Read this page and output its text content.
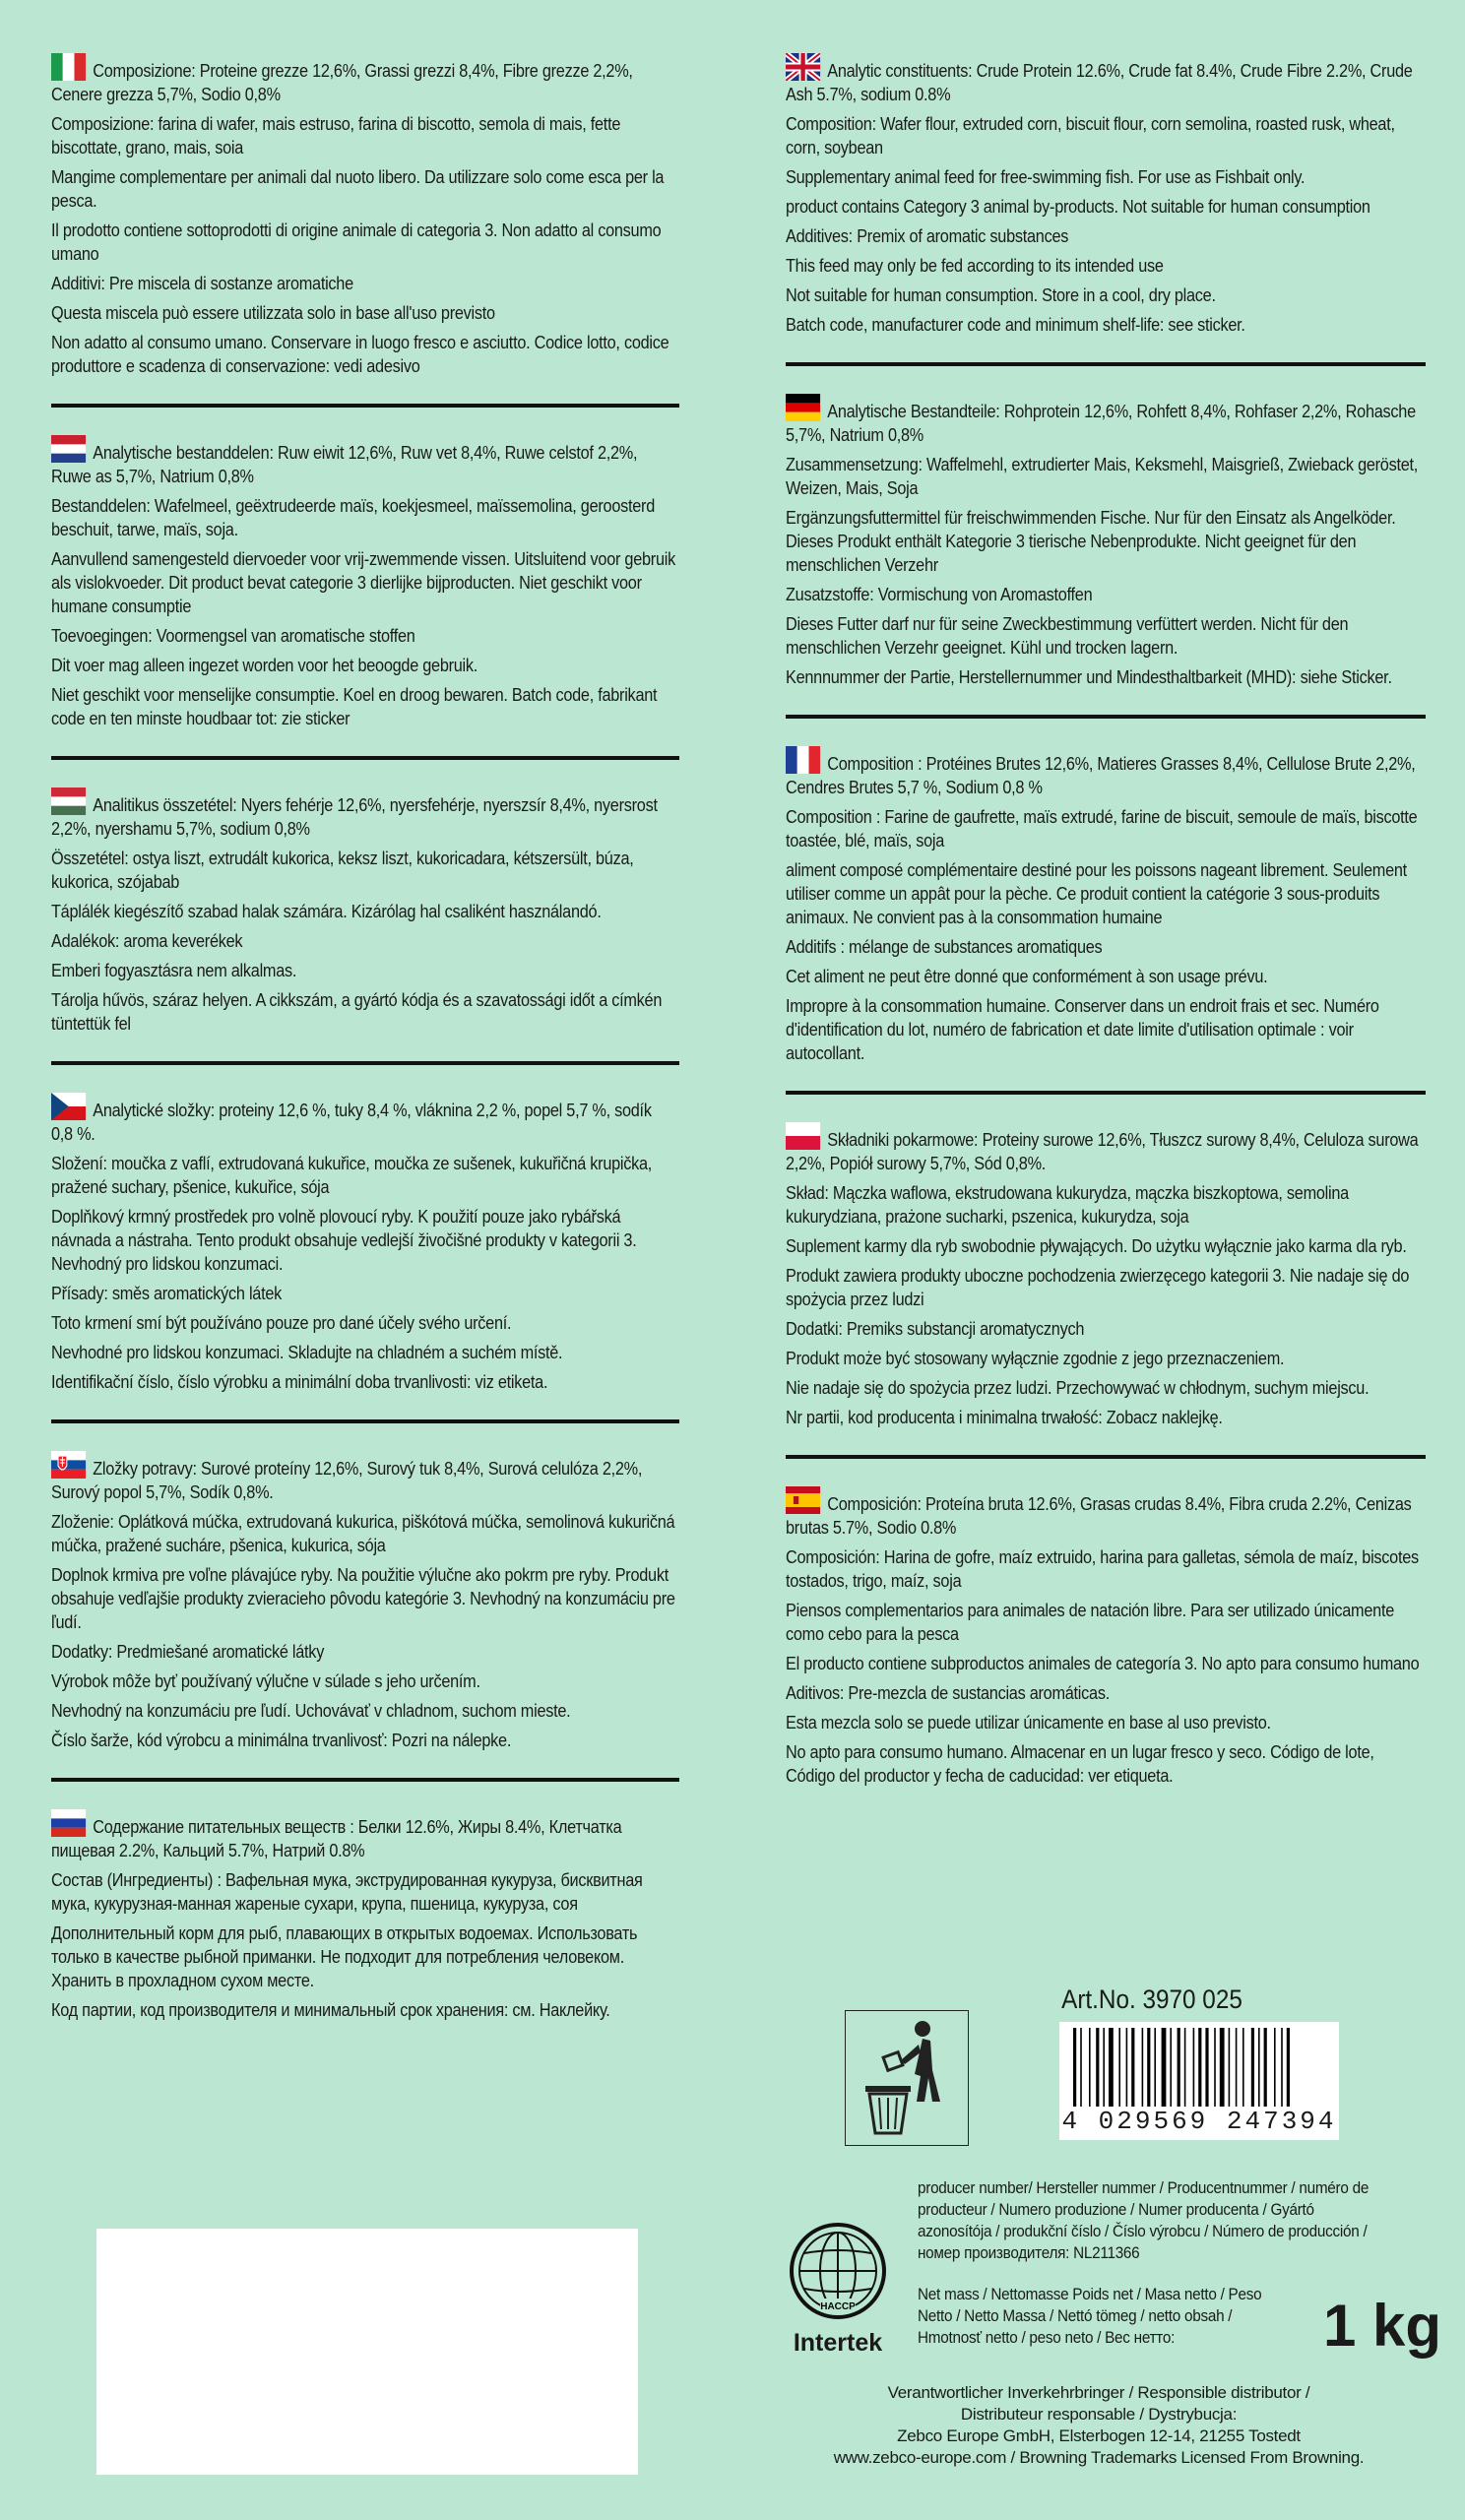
Composizione: Proteine grezze 12,6%, Grassi grezzi 8,4%, Fibre grezze 2,2%, Cenere grezza 5,7%, Sodio 0,8%
Composizione: farina di wafer, mais estruso, farina di biscotto, semola di mais, fette biscottate, grano, mais, soia
Mangime complementare per animali dal nuoto libero. Da utilizzare solo come esca per la pesca.
Il prodotto contiene sottoprodotti di origine animale di categoria 3. Non adatto al consumo umano
Additivi: Pre miscela di sostanze aromatiche
Questa miscela può essere utilizzata solo in base all'uso previsto
Non adatto al consumo umano. Conservare in luogo fresco e asciutto. Codice lotto, codice produttore e scadenza di conservazione: vedi adesivo
Analytische bestanddelen: Ruw eiwit 12,6%, Ruw vet 8,4%, Ruwe celstof 2,2%, Ruwe as 5,7%, Natrium 0,8%
Bestanddelen: Wafelmeel, geëxtrudeerde maïs, koekjesmeel, maïssemolina, geroosterd beschuit, tarwe, maïs, soja.
Aanvullend samengesteld diervoeder voor vrij-zwemmende vissen. Uitsluitend voor gebruik als vislokvoeder. Dit product bevat categorie 3 dierlijke bijproducten. Niet geschikt voor humane consumptie
Toevoegingen: Voormengsel van aromatische stoffen
Dit voer mag alleen ingezet worden voor het beoogde gebruik.
Niet geschikt voor menselijke consumptie. Koel en droog bewaren. Batch code, fabrikant code en ten minste houdbaar tot: zie sticker
Analitikus összetétel: Nyers fehérje 12,6%, nyersfehérje, nyerszsír 8,4%, nyersrost 2,2%, nyershamu 5,7%, sodium 0,8%
Összetétel: ostya liszt, extrudált kukorica, keksz liszt, kukoricadara, kétszersült, búza, kukorica, szójabab
Táplálék kiegészítő szabad halak számára. Kizárólag hal csaliként használandó.
Adalékok: aroma keverékek
Emberi fogyasztásra nem alkalmas.
Tárolja hűvös, száraz helyen. A cikkszám, a gyártó kódja és a szavatossági időt a címkén tüntettük fel
Analytické složky: proteiny 12,6 %, tuky 8,4 %, vláknina 2,2 %, popel 5,7 %, sodík 0,8 %.
Složení: moučka z vaflí, extrudovaná kukuřice, moučka ze sušenek, kukuřičná krupička, pražené suchary, pšenice, kukuřice, sója
Doplňkový krmný prostředek pro volně plovoucí ryby. K použití pouze jako rybářská návnada a nástraha. Tento produkt obsahuje vedlejší živočišné produkty v kategorii 3. Nevhodný pro lidskou konzumaci.
Přísady: směs aromatických látek
Toto krmení smí být používáno pouze pro dané účely svého určení.
Nevhodné pro lidskou konzumaci. Skladujte na chladném a suchém místě.
Identifikační číslo, číslo výrobku a minimální doba trvanlivosti: viz etiketa.
Zložky potravy: Surové proteíny 12,6%, Surový tuk 8,4%, Surová celulóza 2,2%, Surový popol 5,7%, Sodík 0,8%.
Zloženie: Oplátková múčka, extrudovaná kukurica, piškótová múčka, semolinová kukuričná múčka, pražené sucháre, pšenica, kukurica, sója
Doplnok krmiva pre voľne plávajúce ryby. Na použitie výlučne ako pokrm pre ryby. Produkt obsahuje vedľajšie produkty zvieracieho pôvodu kategórie 3. Nevhodný na konzumáciu pre ľudí.
Dodatky: Predmiešané aromatické látky
Výrobok môže byť používaný výlučne v súlade s jeho určením.
Nevhodný na konzumáciu pre ľudí. Uchovávať v chladnom, suchom mieste.
Číslo šarže, kód výrobcu a minimálna trvanlivosť: Pozri na nálepke.
Содержание питательных веществ : Белки 12.6%, Жиры 8.4%, Клетчатка пищевая 2.2%, Кальций 5.7%, Натрий 0.8%
Состав (Ингредиенты) : Вафельная мука, экструдированная кукуруза, бисквитная мука, кукурузная-манная жареные сухари, крупа, пшеница, кукуруза, соя
Дополнительный корм для рыб, плавающих в открытых водоемах. Использовать только в качестве рыбной приманки. Не подходит для потребления человеком. Хранить в прохладном сухом месте.
Код партии, код производителя и минимальный срок хранения: см. Наклейку.
Analytic constituents: Crude Protein 12.6%, Crude fat 8.4%, Crude Fibre 2.2%, Crude Ash 5.7%, sodium 0.8%
Composition: Wafer flour, extruded corn, biscuit flour, corn semolina, roasted rusk, wheat, corn, soybean
Supplementary animal feed for free-swimming fish. For use as Fishbait only.
product contains Category 3 animal by-products. Not suitable for human consumption
Additives: Premix of aromatic substances
This feed may only be fed according to its intended use
Not suitable for human consumption. Store in a cool, dry place.
Batch code, manufacturer code and minimum shelf-life: see sticker.
Analytische Bestandteile: Rohprotein 12,6%, Rohfett 8,4%, Rohfaser 2,2%, Rohasche 5,7%, Natrium 0,8%
Zusammensetzung: Waffelmehl, extrudierter Mais, Keksmehl, Maisgrieß, Zwieback geröstet, Weizen, Mais, Soja
Ergänzungsfuttermittel für freischwimmenden Fische. Nur für den Einsatz als Angelköder. Dieses Produkt enthält Kategorie 3 tierische Nebenprodukte. Nicht geeignet für den menschlichen Verzehr
Zusatzstoffe: Vormischung von Aromastoffen
Dieses Futter darf nur für seine Zweckbestimmung verfüttert werden. Nicht für den menschlichen Verzehr geeignet. Kühl und trocken lagern.
Kennnummer der Partie, Herstellernummer und Mindesthaltbarkeit (MHD): siehe Sticker.
Composition : Protéines Brutes 12,6%, Matieres Grasses 8,4%, Cellulose Brute 2,2%, Cendres Brutes 5,7 %, Sodium 0,8 %
Composition : Farine de gaufrette, maïs extrudé, farine de biscuit, semoule de maïs, biscotte toastée, blé, maïs, soja
aliment composé complémentaire destiné pour les poissons nageant librement. Seulement utiliser comme un appât pour la pèche. Ce produit contient la catégorie 3 sous-produits animaux. Ne convient pas à la consommation humaine
Additifs : mélange de substances aromatiques
Cet aliment ne peut être donné que conformément à son usage prévu.
Impropre à la consommation humaine. Conserver dans un endroit frais et sec. Numéro d'identification du lot, numéro de fabrication et date limite d'utilisation optimale : voir autocollant.
Składniki pokarmowe: Proteiny surowe 12,6%, Tłuszcz surowy 8,4%, Celuloza surowa 2,2%, Popiół surowy 5,7%, Sód 0,8%.
Skład: Mączka waflowa, ekstrudowana kukurydza, mączka biszkoptowa, semolina kukurydziana, prażone sucharki, pszenica, kukurydza, soja
Suplement karmy dla ryb swobodnie pływających. Do użytku wyłącznie jako karma dla ryb.
Produkt zawiera produkty uboczne pochodzenia zwierzęcego kategorii 3. Nie nadaje się do spożycia przez ludzi
Dodatki: Premiks substancji aromatycznych
Produkt może być stosowany wyłącznie zgodnie z jego przeznaczeniem.
Nie nadaje się do spożycia przez ludzi. Przechowywać w chłodnym, suchym miejscu.
Nr partii, kod producenta i minimalna trwałość: Zobacz naklejkę.
Composición: Proteína bruta 12.6%, Grasas crudas 8.4%, Fibra cruda 2.2%, Cenizas brutas 5.7%, Sodio 0.8%
Composición: Harina de gofre, maíz extruido, harina para galletas, sémola de maíz, biscotes tostados, trigo, maíz, soja
Piensos complementarios para animales de natación libre. Para ser utilizado únicamente como cebo para la pesca
El producto contiene subproductos animales de categoría 3. No apto para consumo humano
Aditivos: Pre-mezcla de sustancias aromáticas.
Esta mezcla solo se puede utilizar únicamente en base al uso previsto.
No apto para consumo humano. Almacenar en un lugar fresco y seco. Código de lote, Código del productor y fecha de caducidad: ver etiqueta.
Art.No. 3970 025
4 029569 247394
HACCP
Intertek
producer number/ Hersteller nummer / Producentnummer / numéro de producteur / Numero produzione / Numer producenta / Gyártó azonosítója / produkční číslo / Číslo výrobcu / Número de producción / номер производителя: NL211366
Net mass / Nettomasse Poids net / Masa netto / Peso Netto / Netto Massa / Nettó tömeg / netto obsah / Hmotnosť netto / peso neto / Вес нетто:	1 kg
Verantwortlicher Inverkehrbringer / Responsible distributor /
Distributeur responsable / Dystrybucja:
Zebco Europe GmbH, Elsterbogen 12-14, 21255 Tostedt
www.zebco-europe.com / Browning Trademarks Licensed From Browning.
